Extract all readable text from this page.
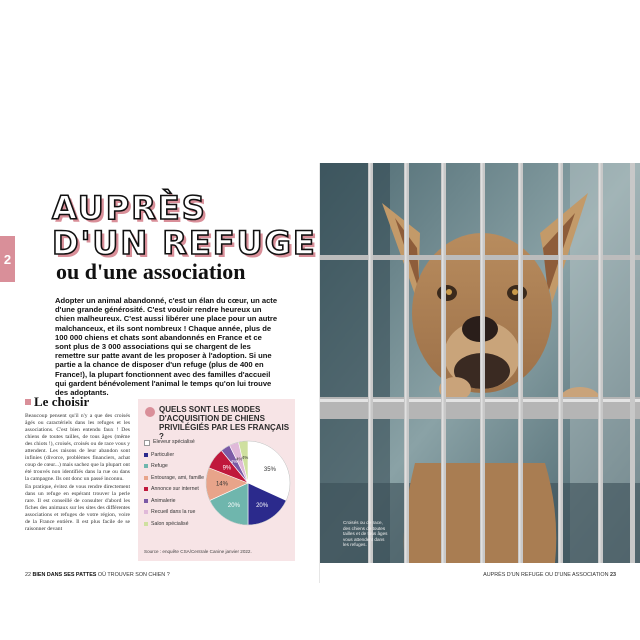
2
AUPRÈS
D'UN REFUGE
ou d'une association
Adopter un animal abandonné, c'est un élan du cœur, un acte d'une grande générosité. C'est vouloir rendre heureux un chien malheureux. C'est aussi libérer une place pour un autre malchanceux, et ils sont nombreux ! Chaque année, plus de 100 000 chiens et chats sont abandonnés en France et ce sont plus de 3 000 associations qui se chargent de les remettre sur patte avant de les proposer à l'adoption. Si une partie a la chance de disposer d'un refuge (plus de 400 en France!), la plupart fonctionnent avec des familles d'accueil qui gardent bénévolement l'animal le temps qu'on lui trouve des adoptants.
Le choisir

Beaucoup pensent qu'il n'y a que des croisés âgés ou caractériels dans les refuges et les associations. C'est bien entendu faux ! Des chiens de toutes tailles, de tous âges (même des chiots !), croisés, croisés ou de race vous y attendent. Les raisons de leur abandon sont infinies (divorce, problèmes financiers, achat coup de cœur...) mais sachez que la plupart ont été trouvés non identifiés dans la rue ou dans la campagne. Ils ont donc un passé inconnu.

En pratique, évitez de vous rendre directement dans un refuge en espérant trouver la perle rare. Il est conseillé de consulter d'abord les fiches des animaux sur les sites des différentes associations et refuges de votre région, voire de la France entière. Il est plus facile de se raisonner devant

QUELS SONT LES MODES D'ACQUISITION DE CHIENS PRIVILÉGIÉS PAR LES FRANÇAIS ?
Eleveur spécialisé
Particulier
Refuge
Entourage, ami, famille
Annonce sur internet
Animalerie
Recueil dans la rue
Salon spécialisé
35%
20%
20%
14%
9%
4%
4% 4%
Source : enquête CSA/Centrale Canine janvier 2022.
Croisés ou de race, des chiens de toutes tailles et de tous âges vous attendent dans les refuges.
22 BIEN DANS SES PATTES OÙ TROUVER SON CHIEN ?	AUPRÈS D'UN REFUGE OU D'UNE ASSOCIATION 23
